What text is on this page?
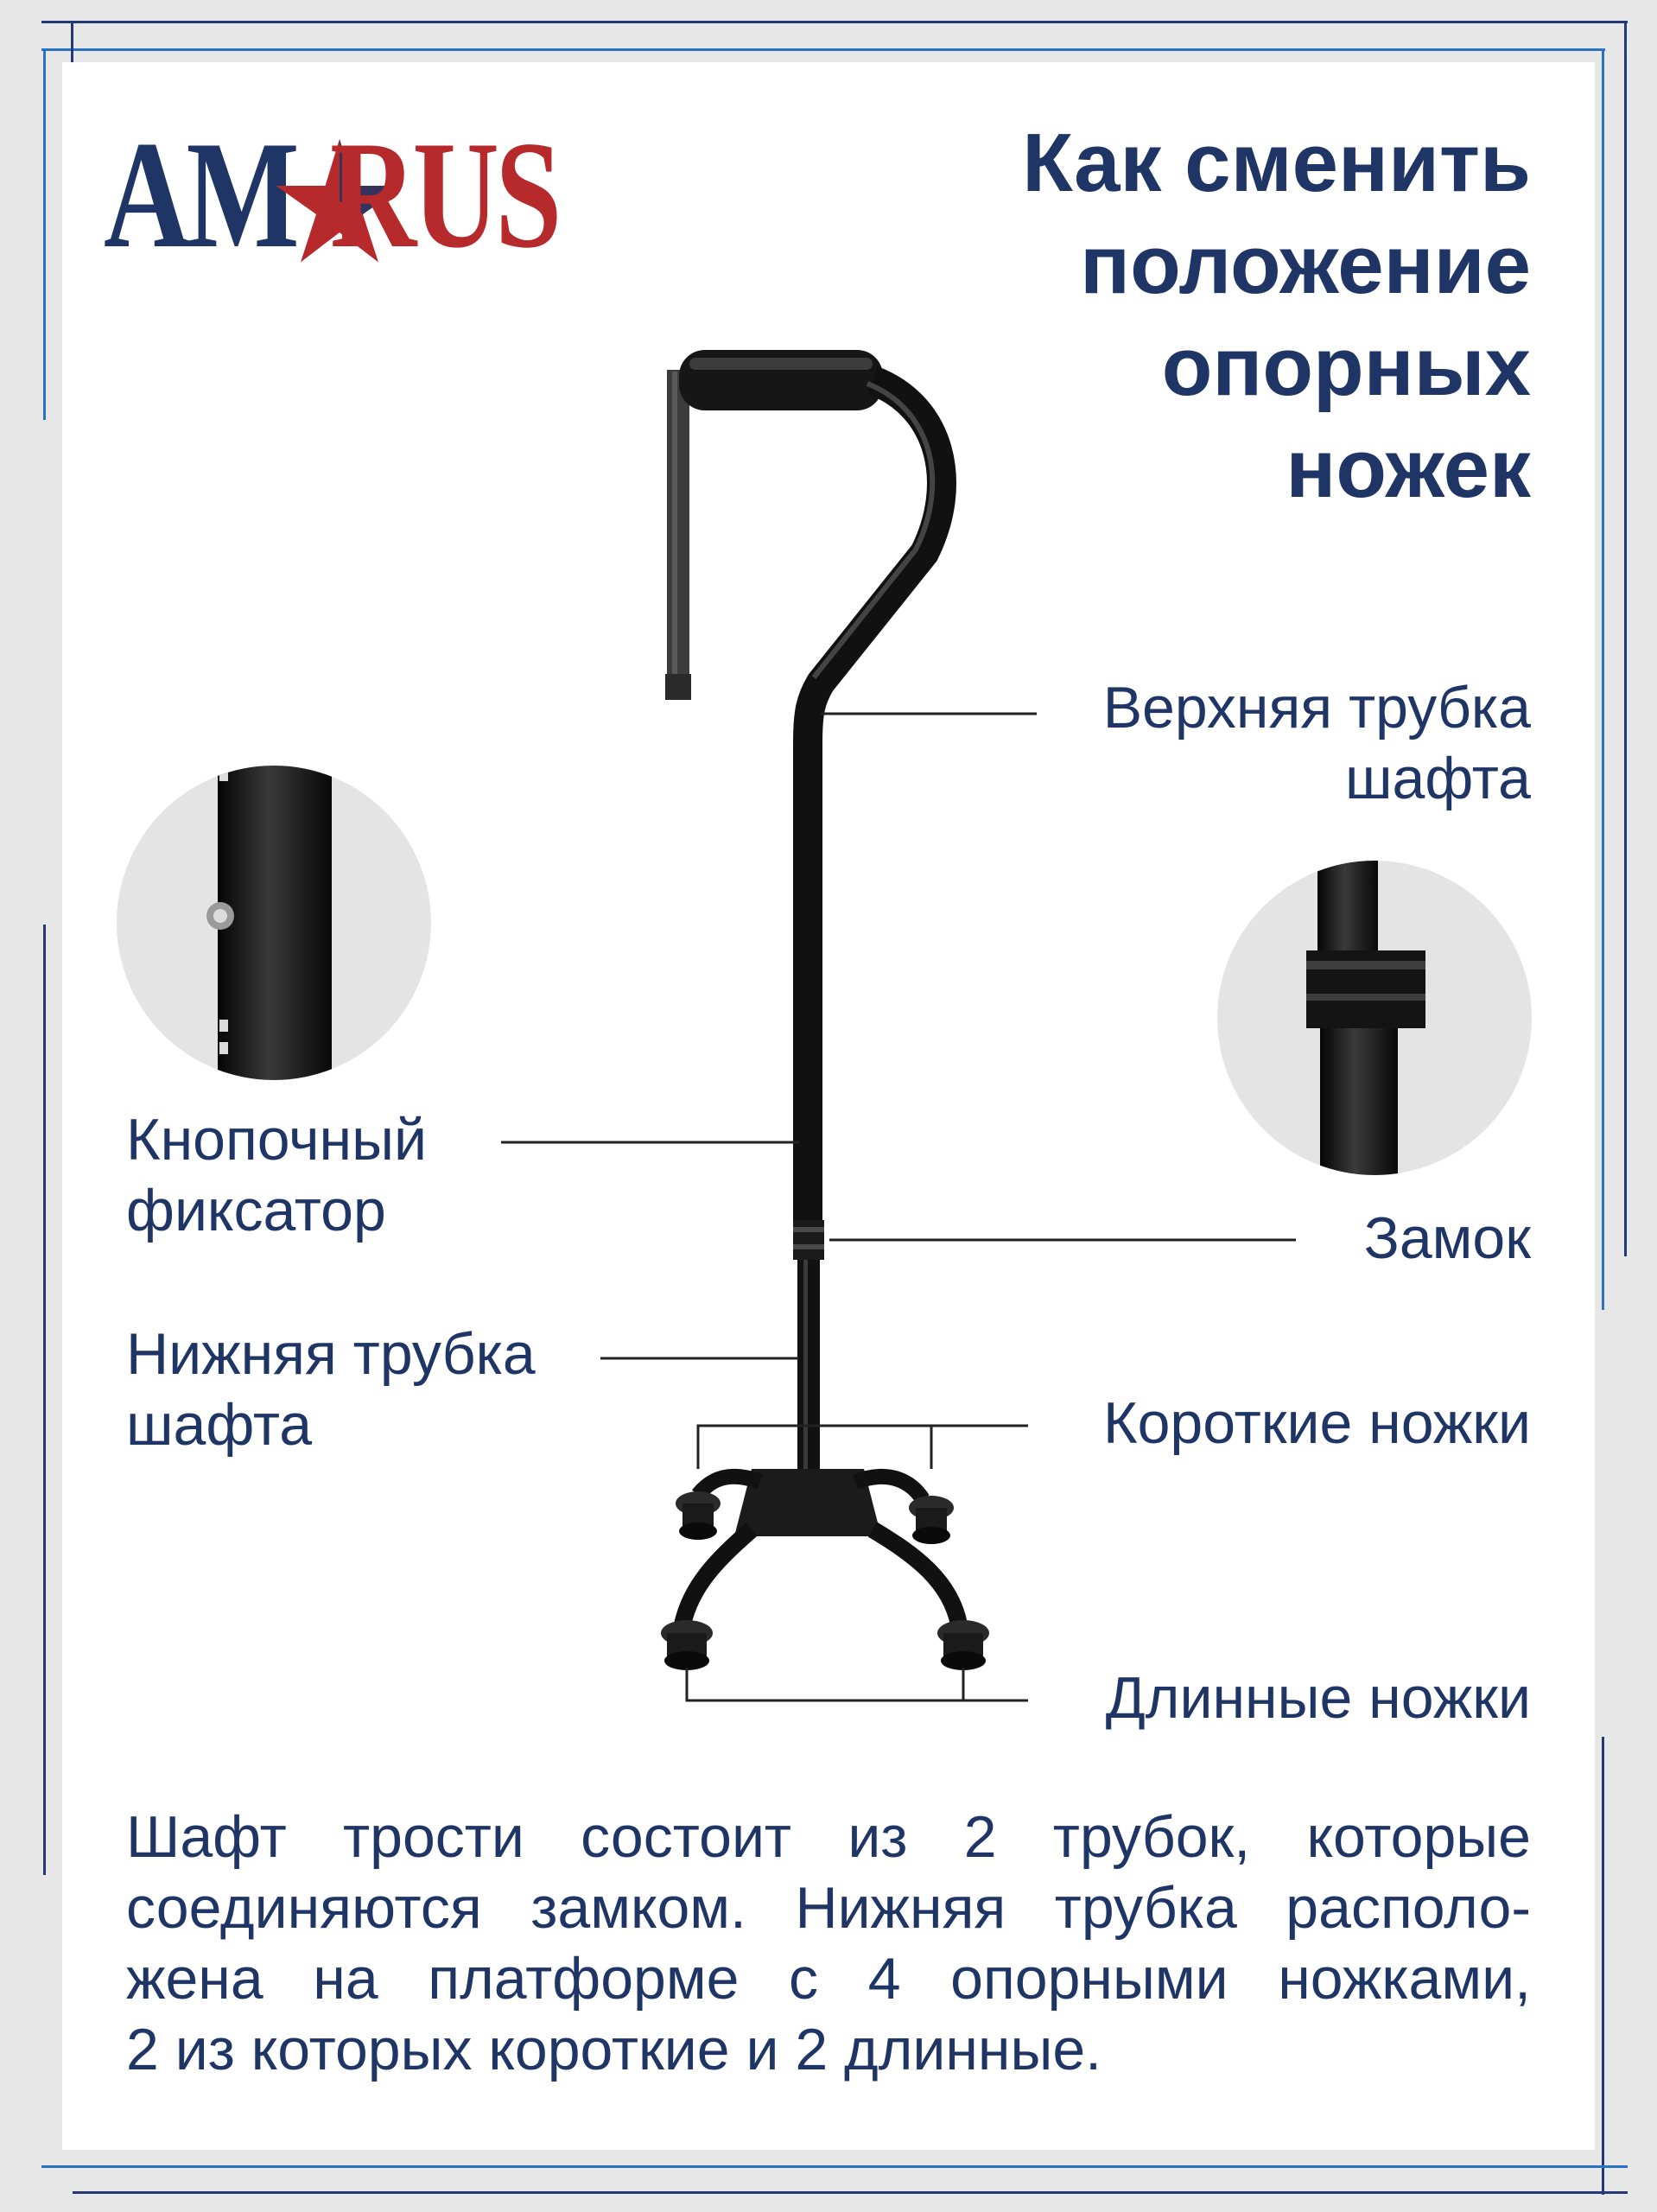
AM RUS	Как сменить
положение
опорных
ножек
Верхняя трубка
шафта
Кнопочный
фиксатор	Замок
Нижняя трубка
шафта	Короткие ножки
Длинные ножки
Шафт трости состоит из 2 трубок, которые
соединяются замком. Нижняя трубка располо-
жена на платформе с 4 опорными ножками,
2 из которых короткие и 2 длинные.
